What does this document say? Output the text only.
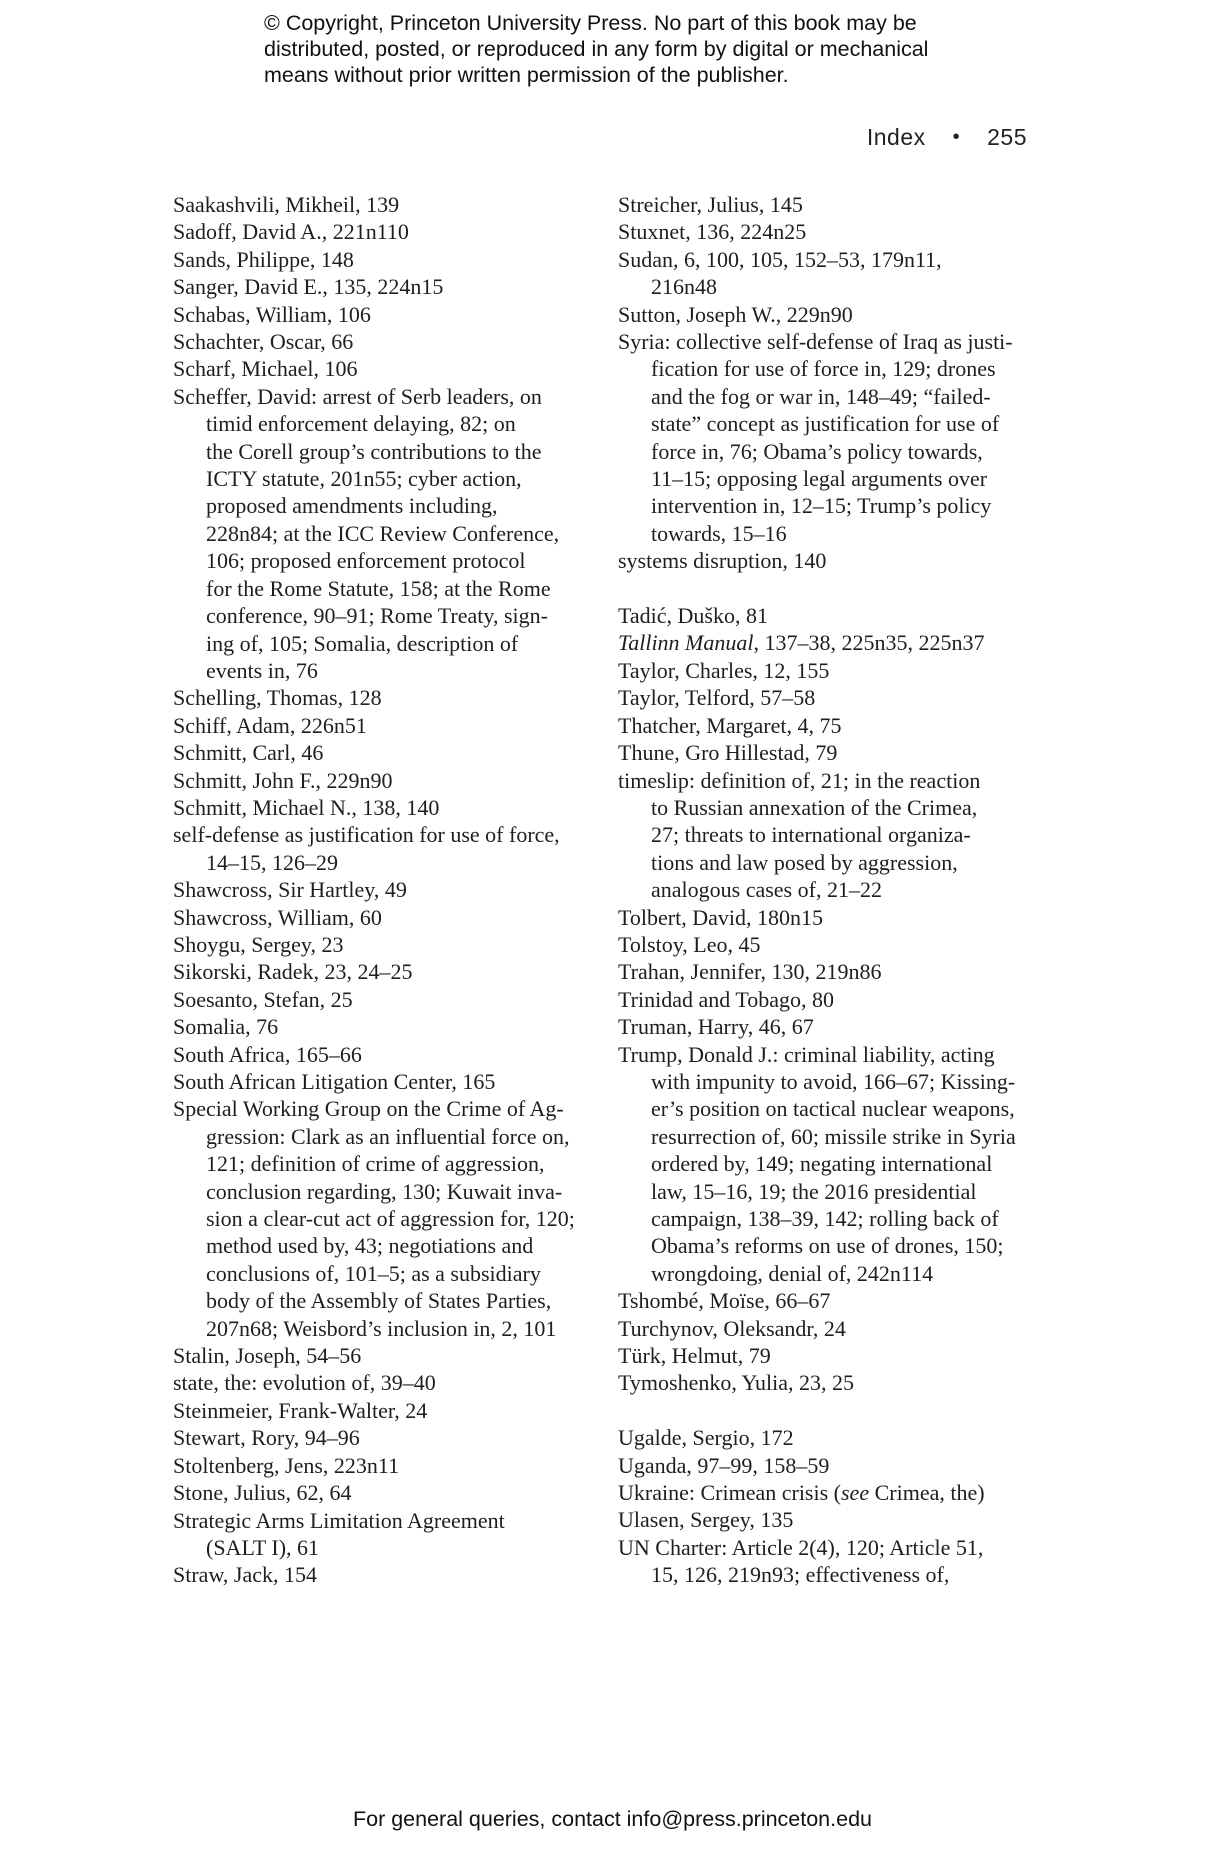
© Copyright, Princeton University Press. No part of this book may be
distributed, posted, or reproduced in any form by digital or mechanical
means without prior written permission of the publisher.
Index • 255
Saakashvili, Mikheil, 139
Sadoff, David A., 221n110
Sands, Philippe, 148
Sanger, David E., 135, 224n15
Schabas, William, 106
Schachter, Oscar, 66
Scharf, Michael, 106
Scheffer, David: arrest of Serb leaders, on
timid enforcement delaying, 82; on
the Corell group’s contributions to the
ICTY statute, 201n55; cyber action,
proposed amendments including,
228n84; at the ICC Review Conference,
106; proposed enforcement protocol
for the Rome Statute, 158; at the Rome
conference, 90–91; Rome Treaty, sign-
ing of, 105; Somalia, description of
events in, 76
Schelling, Thomas, 128
Schiff, Adam, 226n51
Schmitt, Carl, 46
Schmitt, John F., 229n90
Schmitt, Michael N., 138, 140
self-defense as justification for use of force,
14–15, 126–29
Shawcross, Sir Hartley, 49
Shawcross, William, 60
Shoygu, Sergey, 23
Sikorski, Radek, 23, 24–25
Soesanto, Stefan, 25
Somalia, 76
South Africa, 165–66
South African Litigation Center, 165
Special Working Group on the Crime of Ag-
gression: Clark as an influential force on,
121; definition of crime of aggression,
conclusion regarding, 130; Kuwait inva-
sion a clear-cut act of aggression for, 120;
method used by, 43; negotiations and
conclusions of, 101–5; as a subsidiary
body of the Assembly of States Parties,
207n68; Weisbord’s inclusion in, 2, 101
Stalin, Joseph, 54–56
state, the: evolution of, 39–40
Steinmeier, Frank-Walter, 24
Stewart, Rory, 94–96
Stoltenberg, Jens, 223n11
Stone, Julius, 62, 64
Strategic Arms Limitation Agreement
(SALT I), 61
Straw, Jack, 154
Streicher, Julius, 145
Stuxnet, 136, 224n25
Sudan, 6, 100, 105, 152–53, 179n11,
216n48
Sutton, Joseph W., 229n90
Syria: collective self-defense of Iraq as justi-
fication for use of force in, 129; drones
and the fog or war in, 148–49; “failed-
state” concept as justification for use of
force in, 76; Obama’s policy towards,
11–15; opposing legal arguments over
intervention in, 12–15; Trump’s policy
towards, 15–16
systems disruption, 140
Tadić, Duško, 81
Tallinn Manual, 137–38, 225n35, 225n37
Taylor, Charles, 12, 155
Taylor, Telford, 57–58
Thatcher, Margaret, 4, 75
Thune, Gro Hillestad, 79
timeslip: definition of, 21; in the reaction
to Russian annexation of the Crimea,
27; threats to international organiza-
tions and law posed by aggression,
analogous cases of, 21–22
Tolbert, David, 180n15
Tolstoy, Leo, 45
Trahan, Jennifer, 130, 219n86
Trinidad and Tobago, 80
Truman, Harry, 46, 67
Trump, Donald J.: criminal liability, acting
with impunity to avoid, 166–67; Kissing-
er’s position on tactical nuclear weapons,
resurrection of, 60; missile strike in Syria
ordered by, 149; negating international
law, 15–16, 19; the 2016 presidential
campaign, 138–39, 142; rolling back of
Obama’s reforms on use of drones, 150;
wrongdoing, denial of, 242n114
Tshombé, Moïse, 66–67
Turchynov, Oleksandr, 24
Türk, Helmut, 79
Tymoshenko, Yulia, 23, 25
Ugalde, Sergio, 172
Uganda, 97–99, 158–59
Ukraine: Crimean crisis (see Crimea, the)
Ulasen, Sergey, 135
UN Charter: Article 2(4), 120; Article 51,
15, 126, 219n93; effectiveness of,
For general queries, contact info@press.princeton.edu
